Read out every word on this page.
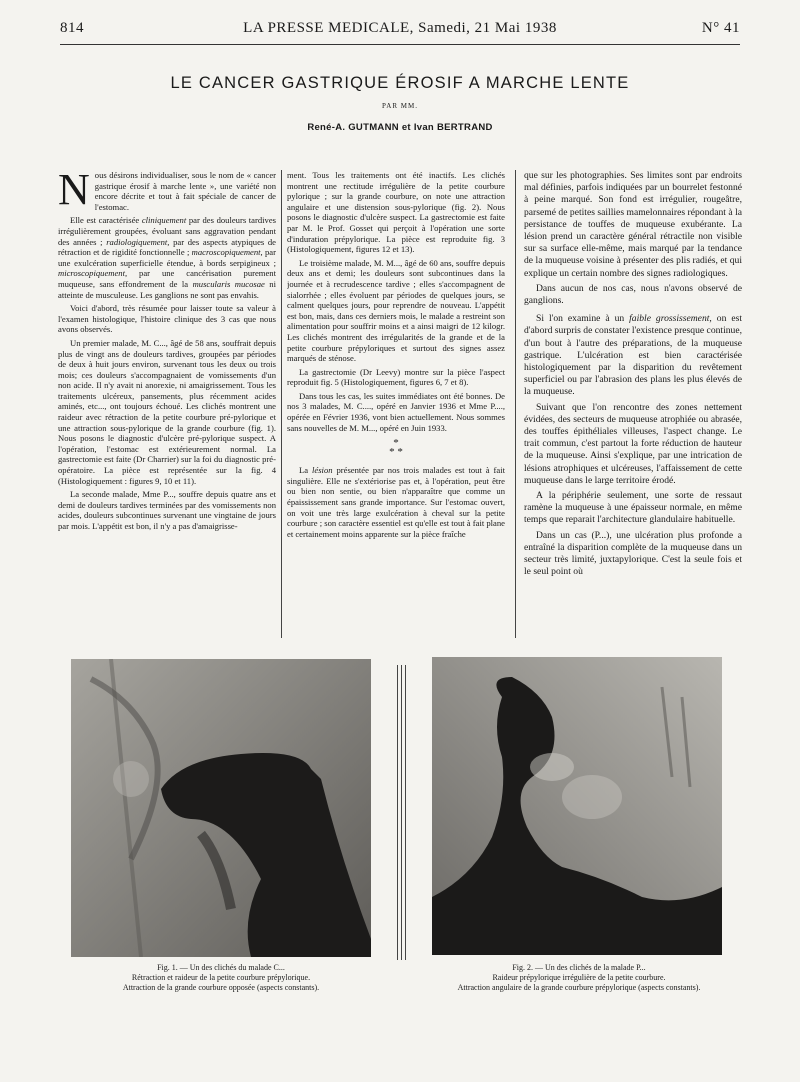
814	LA PRESSE MEDICALE, Samedi, 21 Mai 1938	N° 41
LE CANCER GASTRIQUE ÉROSIF A MARCHE LENTE
PAR MM.
René-A. GUTMANN et Ivan BERTRAND

Nous désirons individualiser, sous le nom de « cancer gastrique érosif à marche lente », une variété non encore décrite et tout à fait spéciale de cancer de l'estomac.

Elle est caractérisée cliniquement par des douleurs tardives irrégulièrement groupées, évoluant sans aggravation pendant des années ; radiologiquement, par des aspects atypiques de rétraction et de rigidité fonctionnelle ; macroscopiquement, par une exulcération superficielle étendue, à bords serpigineux ; microscopiquement, par une cancérisation purement muqueuse, sans effondrement de la muscularis mucosae ni atteinte de musculeuse. Les ganglions ne sont pas envahis.

Voici d'abord, très résumée pour laisser toute sa valeur à l'examen histologique, l'histoire clinique des 3 cas que nous avons observés.

Un premier malade, M. C..., âgé de 58 ans, souffrait depuis plus de vingt ans de douleurs tardives, groupées par périodes de deux à huit jours environ, survenant tous les deux ou trois mois; ces douleurs s'accompagnaient de vomissements d'un non acide. Il n'y avait ni anorexie, ni amaigrissement. Tous les traitements ulcéreux, pansements, plus récemment acides aminés, etc..., ont toujours échoué. Les clichés montrent une raideur avec rétraction de la petite courbure pré-pylorique et une attraction sous-pylorique de la grande courbure (fig. 1). Nous posons le diagnostic d'ulcère pré-pylorique suspect. A l'opération, l'estomac est extérieurement normal. La gastrectomie est faite (Dr Charrier) sur la foi du diagnostic pré-opératoire. La pièce est représentée sur la fig. 4 (Histologiquement : figures 9, 10 et 11).

La seconde malade, Mme P..., souffre depuis quatre ans et demi de douleurs tardives terminées par des vomissements non acides, douleurs subcontinues survenant une vingtaine de jours par mois. L'appétit est bon, il n'y a pas d'amaigrisse-

ment. Tous les traitements ont été inactifs. Les clichés montrent une rectitude irrégulière de la petite courbure pylorique ; sur la grande courbure, on note une attraction angulaire et une distension sous-pylorique (fig. 2). Nous posons le diagnostic d'ulcère suspect. La gastrectomie est faite par M. le Prof. Gosset qui perçoit à l'opération une sorte d'induration prépylorique. La pièce est reproduite fig. 3 (Histologiquement, figures 12 et 13).

Le troisième malade, M. M..., âgé de 60 ans, souffre depuis deux ans et demi; les douleurs sont subcontinues dans la journée et à recrudescence tardive ; elles s'accompagnent de sialorrhée ; elles évoluent par périodes de quelques jours, se calment quelques jours, pour reprendre de nouveau. L'appétit est bon, mais, dans ces derniers mois, le malade a restreint son alimentation pour souffrir moins et a ainsi maigri de 12 kilogr. Les clichés montrent des irrégularités de la grande et de la petite courbure prépyloriques et surtout des signes assez marqués de sténose.

La gastrectomie (Dr Leevy) montre sur la pièce l'aspect reproduit fig. 5 (Histologiquement, figures 6, 7 et 8).

Dans tous les cas, les suites immédiates ont été bonnes. De nos 3 malades, M. C...., opéré en Janvier 1936 et Mme P...., opérée en Février 1936, vont bien actuellement. Nous sommes sans nouvelles de M. M..., opéré en Juin 1933.

*
* *

La lésion présentée par nos trois malades est tout à fait singulière. Elle ne s'extériorise pas et, à l'opération, peut être ou bien non sentie, ou bien n'apparaître que comme un épaississement sans grande importance. Sur l'estomac ouvert, on voit une très large exulcération à cheval sur la petite courbure ; son caractère essentiel est qu'elle est tout à fait plane et certainement moins apparente sur la pièce fraîche

que sur les photographies. Ses limites sont par endroits mal définies, parfois indiquées par un bourrelet festonné à peine marqué. Son fond est irrégulier, rougeâtre, parsemé de petites saillies mamelonnaires répondant à la persistance de touffes de muqueuse exubérante. La lésion prend un caractère général rétractile non visible sur sa surface elle-même, mais marqué par la tendance de la muqueuse voisine à présenter des plis radiés, et qui explique un certain nombre des signes radiologiques.

Dans aucun de nos cas, nous n'avons observé de ganglions.

Si l'on examine à un faible grossissement, on est d'abord surpris de constater l'existence presque continue, d'un bout à l'autre des préparations, de la muqueuse gastrique. L'ulcération est bien caractérisée histologiquement par la disparition du revêtement superficiel ou par l'abrasion des plans les plus élevés de la muqueuse.

Suivant que l'on rencontre des zones nettement évidées, des secteurs de muqueuse atrophiée ou abrasée, des touffes épithéliales villeuses, l'aspect change. Le trait commun, c'est partout la forte réduction de hauteur de la muqueuse. Ainsi s'explique, par une intrication de lésions atrophiques et ulcéreuses, l'affaissement de cette muqueuse dans le large territoire érodé.

A la périphérie seulement, une sorte de ressaut ramène la muqueuse à une épaisseur normale, en même temps que reparait l'architecture glandulaire habituelle.

Dans un cas (P...), une ulcération plus profonde a entraîné la disparition complète de la muqueuse dans un secteur très limité, juxtapylorique. C'est la seule fois et le seul point où

Fig. 1. — Un des clichés du malade C...
Rétraction et raideur de la petite courbure prépylorique.
Attraction de la grande courbure opposée (aspects constants).
Fig. 2. — Un des clichés de la malade P...
Raideur prépylorique irrégulière de la petite courbure.
Attraction angulaire de la grande courbure prépylorique (aspects constants).
